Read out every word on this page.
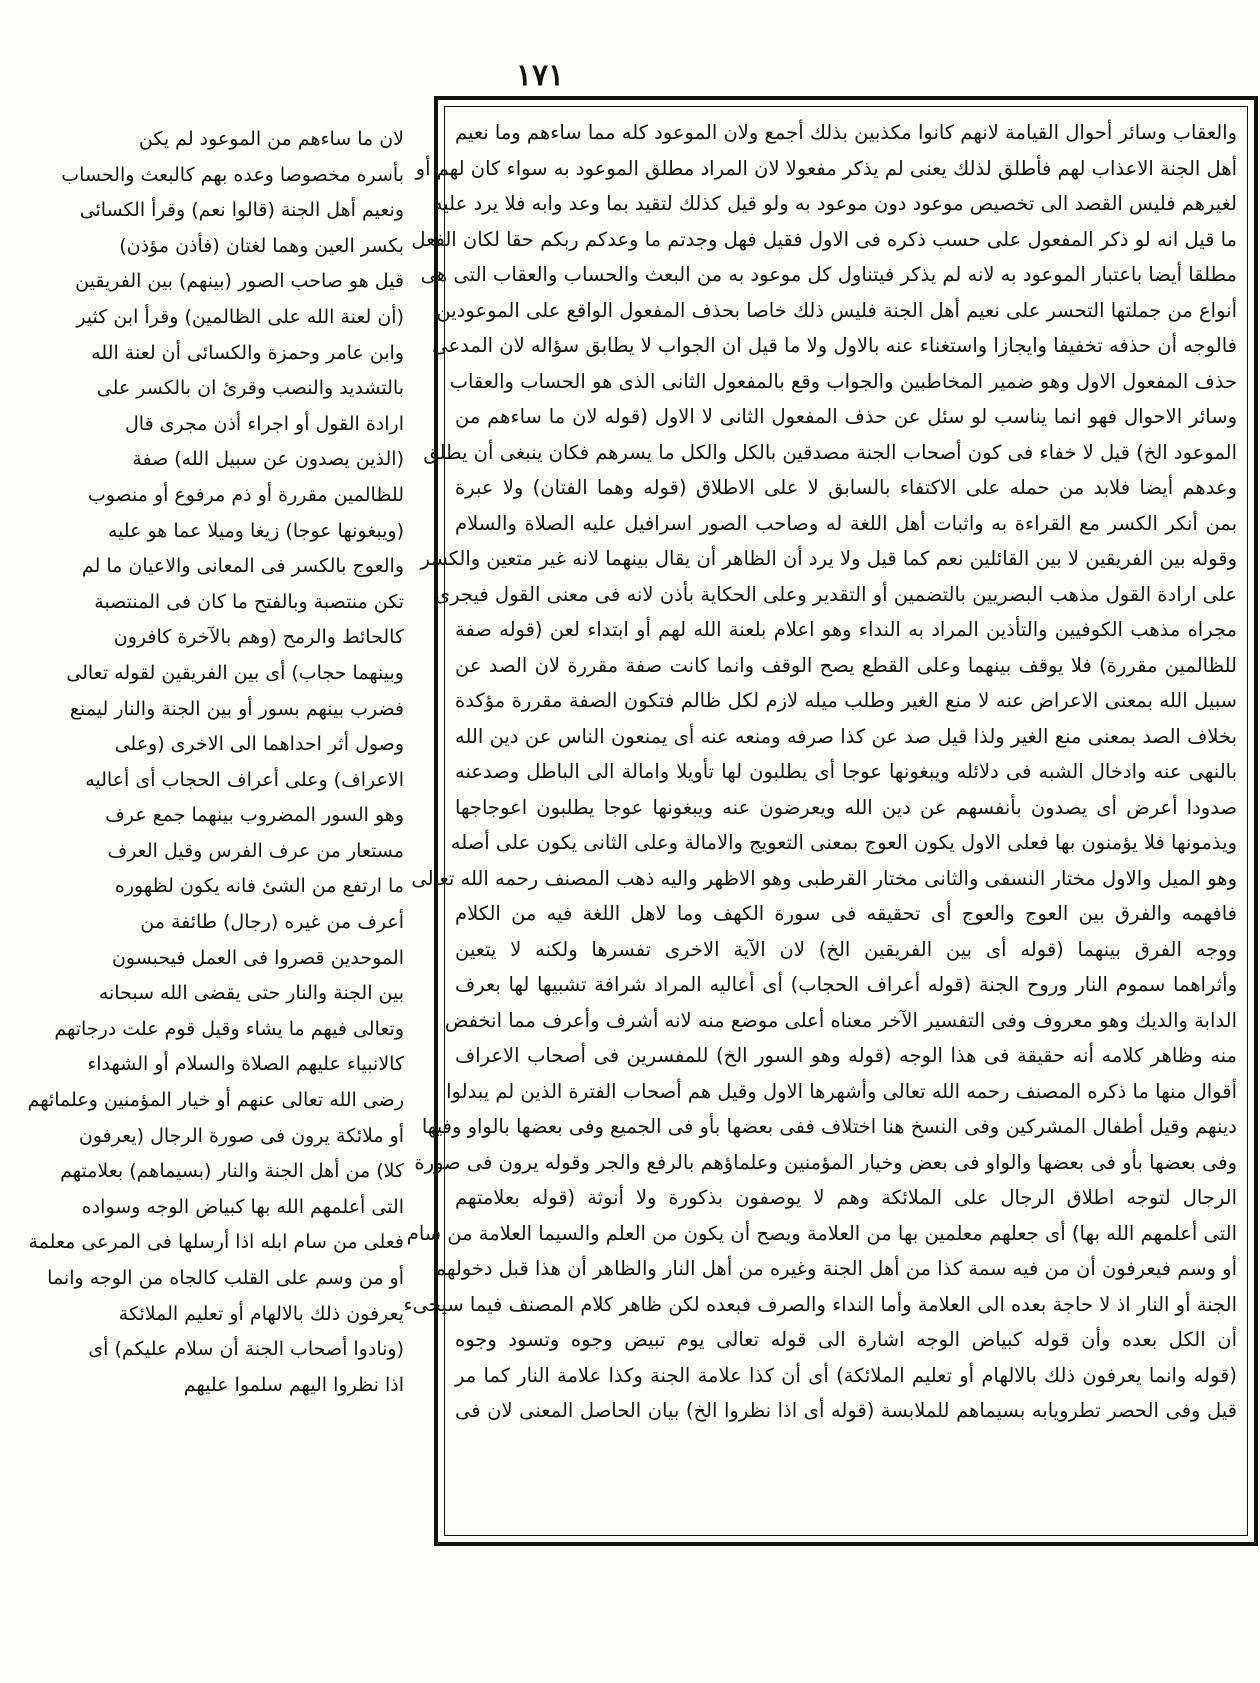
١٧١

والعقاب وسائر أحوال القيامة لانهم كانوا مكذبين بذلك أجمع ولان الموعود كله مما ساءهم وما نعيم

أهل الجنة الاعذاب لهم فأطلق لذلك يعنى لم يذكر مفعولا لان المراد مطلق الموعود به سواء كان لهم أو

لغيرهم فليس القصد الى تخصيص موعود دون موعود به ولو قيل كذلك لتقيد بما وعد وابه فلا يرد عليه

ما قيل انه لو ذكر المفعول على حسب ذكره فى الاول فقيل فهل وجدتم ما وعدكم ربكم حقا لكان الفعل

مطلقا أيضا باعتبار الموعود به لانه لم يذكر فيتناول كل موعود به من البعث والحساب والعقاب التى هى

أنواع من جملتها التحسر على نعيم أهل الجنة فليس ذلك خاصا بحذف المفعول الواقع على الموعودين

فالوجه أن حذفه تخفيفا وايجازا واستغناء عنه بالاول ولا ما قيل ان الجواب لا يطابق سؤاله لان المدعى

حذف المفعول الاول وهو ضمير المخاطبين والجواب وقع بالمفعول الثانى الذى هو الحساب والعقاب

وسائر الاحوال فهو انما يناسب لو سئل عن حذف المفعول الثانى لا الاول (قوله لان ما ساءهم من

الموعود الخ) قيل لا خفاء فى كون أصحاب الجنة مصدقين بالكل والكل ما يسرهم فكان ينبغى أن يطلق

وعدهم أيضا فلابد من حمله على الاكتفاء بالسابق لا على الاطلاق (قوله وهما الفتان) ولا عبرة

بمن أنكر الكسر مع القراءة به واثبات أهل اللغة له وصاحب الصور اسرافيل عليه الصلاة والسلام

وقوله بين الفريقين لا بين القائلين نعم كما قيل ولا يرد أن الظاهر أن يقال بينهما لانه غير متعين والكسر

على ارادة القول مذهب البصريين بالتضمين أو التقدير وعلى الحكاية بأذن لانه فى معنى القول فيجرى

مجراه مذهب الكوفيين والتأذين المراد به النداء وهو اعلام بلعنة الله لهم أو ابتداء لعن (قوله صفة

للظالمين مقررة) فلا يوقف بينهما وعلى القطع يصح الوقف وانما كانت صفة مقررة لان الصد عن

سبيل الله بمعنى الاعراض عنه لا منع الغير وطلب ميله لازم لكل ظالم فتكون الصفة مقررة مؤكدة

بخلاف الصد بمعنى منع الغير ولذا قيل صد عن كذا صرفه ومنعه عنه أى يمنعون الناس عن دين الله

بالنهى عنه وادخال الشبه فى دلائله ويبغونها عوجا أى يطلبون لها تأويلا وامالة الى الباطل وصدعنه

صدودا أعرض أى يصدون بأنفسهم عن دين الله ويعرضون عنه ويبغونها عوجا يطلبون اعوجاجها

ويذمونها فلا يؤمنون بها فعلى الاول يكون العوج بمعنى التعويج والامالة وعلى الثانى يكون على أصله

وهو الميل والاول مختار النسفى والثانى مختار القرطبى وهو الاظهر واليه ذهب المصنف رحمه الله تعالى

فافهمه والفرق بين العوج والعوج أى تحقيقه فى سورة الكهف وما لاهل اللغة فيه من الكلام

ووجه الفرق بينهما (قوله أى بين الفريقين الخ) لان الآية الاخرى تفسرها ولكنه لا يتعين

وأثراهما سموم النار وروح الجنة (قوله أعراف الحجاب) أى أعاليه المراد شرافة تشبيها لها بعرف

الدابة والديك وهو معروف وفى التفسير الآخر معناه أعلى موضع منه لانه أشرف وأعرف مما انخفض

منه وظاهر كلامه أنه حقيقة فى هذا الوجه (قوله وهو السور الخ) للمفسرين فى أصحاب الاعراف

أقوال منها ما ذكره المصنف رحمه الله تعالى وأشهرها الاول وقيل هم أصحاب الفترة الذين لم يبدلوا

دينهم وقيل أطفال المشركين وفى النسخ هنا اختلاف ففى بعضها بأو فى الجميع وفى بعضها بالواو وفيها

وفى بعضها بأو فى بعضها والواو فى بعض وخيار المؤمنين وعلماؤهم بالرفع والجر وقوله يرون فى صورة

الرجال لتوجه اطلاق الرجال على الملائكة وهم لا يوصفون بذكورة ولا أنوثة (قوله بعلامتهم

التى أعلمهم الله بها) أى جعلهم معلمين بها من العلامة ويصح أن يكون من العلم والسيما العلامة من سام

أو وسم فيعرفون أن من فيه سمة كذا من أهل الجنة وغيره من أهل النار والظاهر أن هذا قبل دخولهم

الجنة أو النار اذ لا حاجة بعده الى العلامة وأما النداء والصرف فبعده لكن ظاهر كلام المصنف فيما سيجىء

أن الكل بعده وأن قوله كبياض الوجه اشارة الى قوله تعالى يوم تبيض وجوه وتسود وجوه

(قوله وانما يعرفون ذلك بالالهام أو تعليم الملائكة) أى أن كذا علامة الجنة وكذا علامة النار كما مر

قيل وفى الحصر تطرويابه بسيماهم للملابسة (قوله أى اذا نظروا الخ) بيان الحاصل المعنى لان فى

لان ما ساءهم من الموعود لم يكن

بأسره مخصوصا وعده بهم كالبعث والحساب

ونعيم أهل الجنة (قالوا نعم) وقرأ الكسائى

بكسر العين وهما لغتان (فأذن مؤذن)

قيل هو صاحب الصور (بينهم) بين الفريقين

(أن لعنة الله على الظالمين) وقرأ ابن كثير

وابن عامر وحمزة والكسائى أن لعنة الله

بالتشديد والنصب وقرئ ان بالكسر على

ارادة القول أو اجراء أذن مجرى قال

(الذين يصدون عن سبيل الله) صفة

للظالمين مقررة أو ذم مرفوع أو منصوب

(ويبغونها عوجا) زيغا وميلا عما هو عليه

والعوج بالكسر فى المعانى والاعيان ما لم

تكن منتصبة وبالفتح ما كان فى المنتصبة

كالحائط والرمح (وهم بالآخرة كافرون

وبينهما حجاب) أى بين الفريقين لقوله تعالى

فضرب بينهم بسور أو بين الجنة والنار ليمنع

وصول أثر احداهما الى الاخرى (وعلى

الاعراف) وعلى أعراف الحجاب أى أعاليه

وهو السور المضروب بينهما جمع عرف

مستعار من عرف الفرس وقيل العرف

ما ارتفع من الشئ فانه يكون لظهوره

أعرف من غيره (رجال) طائفة من

الموحدين قصروا فى العمل فيحبسون

بين الجنة والنار حتى يقضى الله سبحانه

وتعالى فيهم ما يشاء وقيل قوم علت درجاتهم

كالانبياء عليهم الصلاة والسلام أو الشهداء

رضى الله تعالى عنهم أو خيار المؤمنين وعلمائهم

أو ملائكة يرون فى صورة الرجال (يعرفون

كلا) من أهل الجنة والنار (بسيماهم) بعلامتهم

التى أعلمهم الله بها كبياض الوجه وسواده

فعلى من سام ابله اذا أرسلها فى المرعى معلمة

أو من وسم على القلب كالجاه من الوجه وانما

يعرفون ذلك بالالهام أو تعليم الملائكة

(ونادوا أصحاب الجنة أن سلام عليكم) أى

اذا نظروا اليهم سلموا عليهم
